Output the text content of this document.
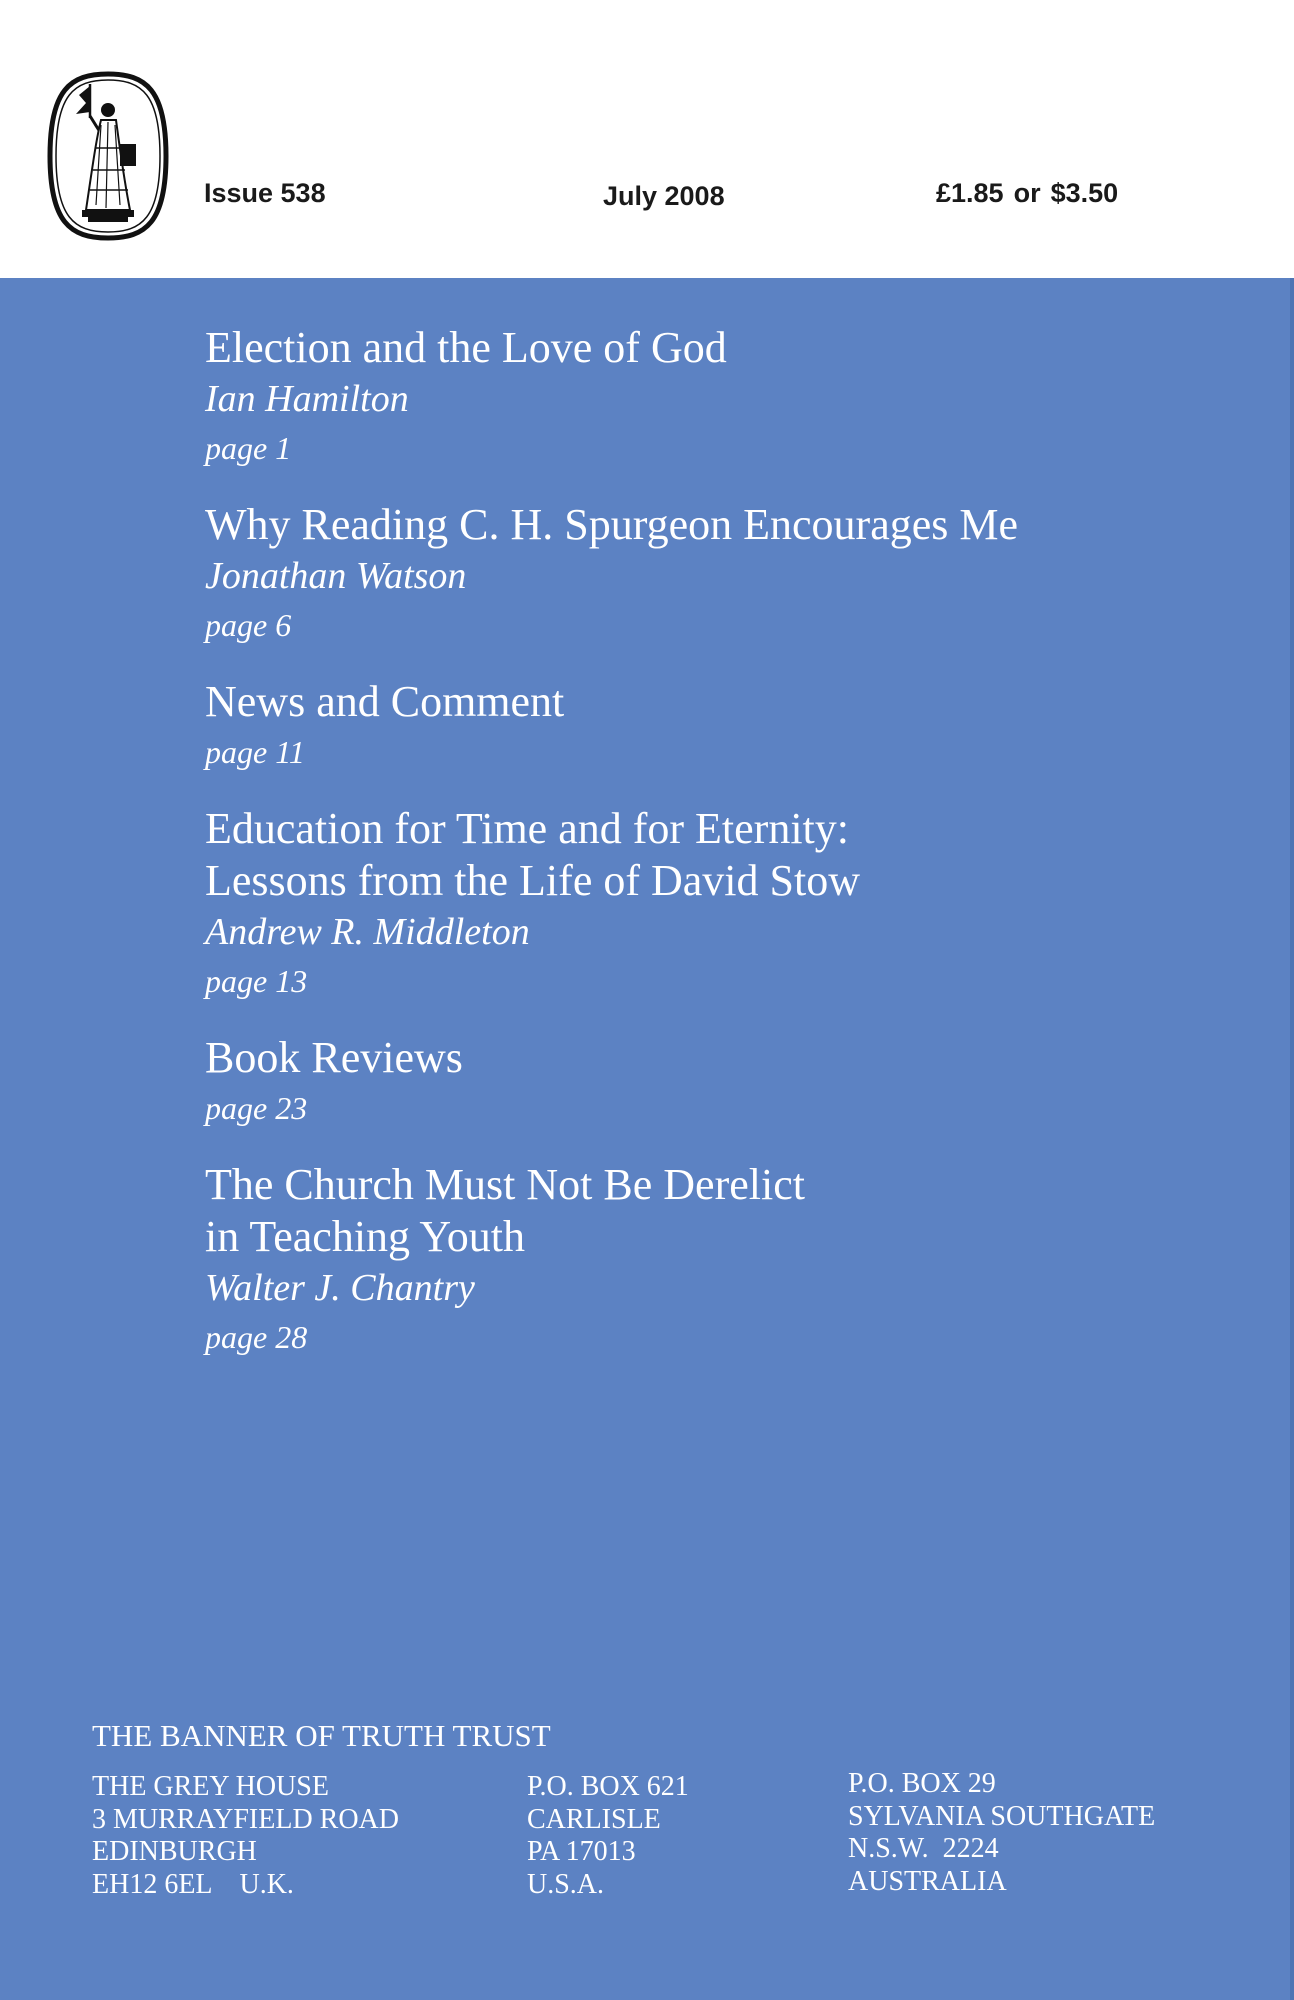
Issue 538	July 2008	£1.85 or $3.50
Election and the Love of God
Ian Hamilton
page 1
Why Reading C. H. Spurgeon Encourages Me
Jonathan Watson
page 6
News and Comment
page 11
Education for Time and for Eternity:
Lessons from the Life of David Stow
Andrew R. Middleton
page 13
Book Reviews
page 23
The Church Must Not Be Derelict
in Teaching Youth
Walter J. Chantry
page 28
THE BANNER OF TRUTH TRUST
THE GREY HOUSE
3 MURRAYFIELD ROAD
EDINBURGH
EH12 6EL    U.K.
P.O. BOX 621
CARLISLE
PA 17013
U.S.A.
P.O. BOX 29
SYLVANIA SOUTHGATE
N.S.W.  2224
AUSTRALIA
